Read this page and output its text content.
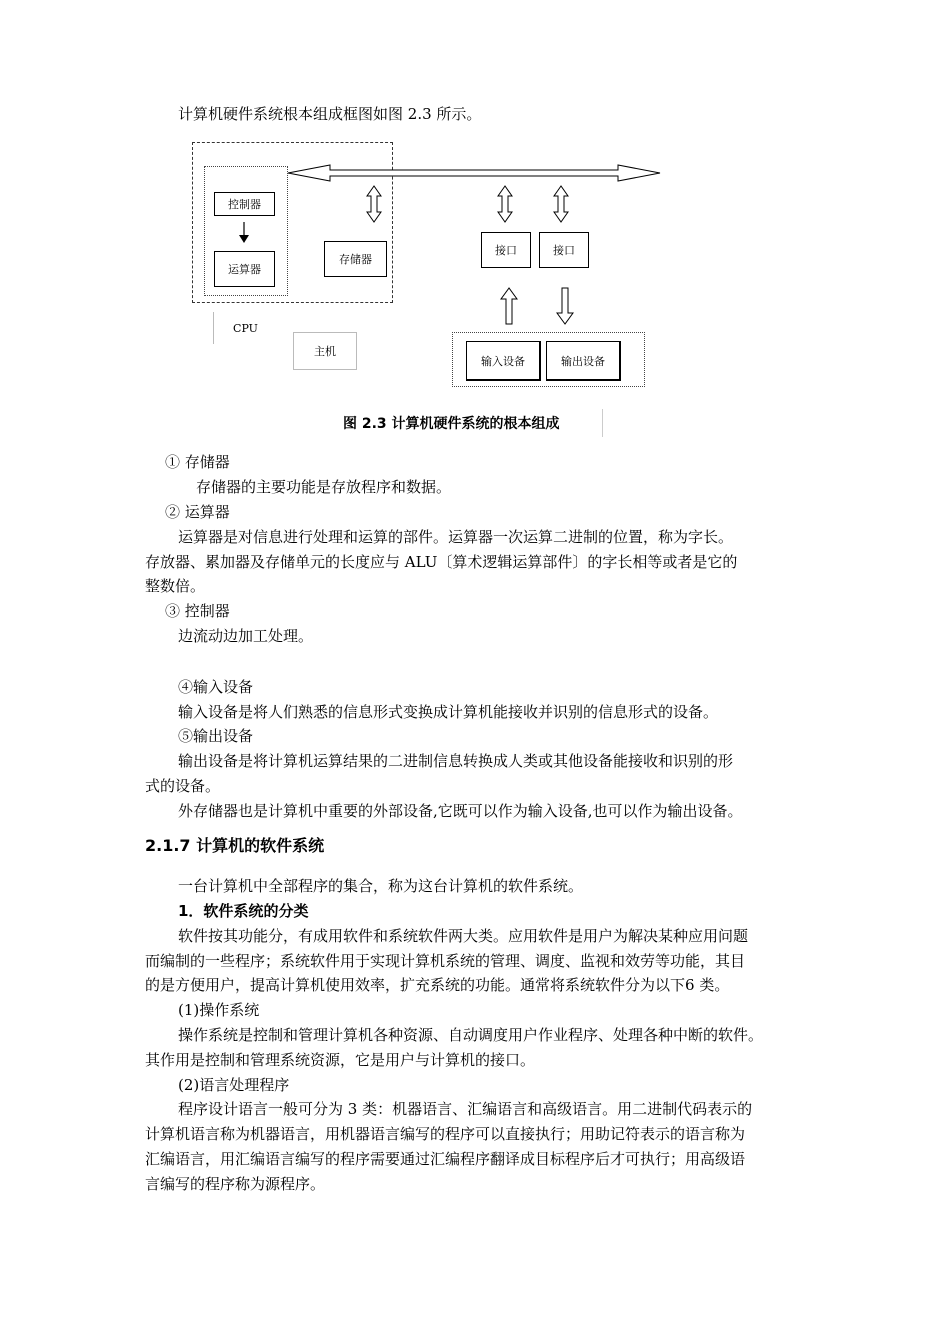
计算机硬件系统根本组成框图如图 2.3 所示。
控制器
运算器
存储器
接口	接口
CPU
主机
输入设备	输出设备
图 2.3 计算机硬件系统的根本组成
① 存储器
存储器的主要功能是存放程序和数据。
② 运算器
运算器是对信息进行处理和运算的部件。运算器一次运算二进制的位置，称为字长。
存放器、累加器及存储单元的长度应与 ALU〔算术逻辑运算部件〕的字长相等或者是它的
整数倍。
③ 控制器
边流动边加工处理。
④输入设备
输入设备是将人们熟悉的信息形式变换成计算机能接收并识别的信息形式的设备。
⑤输出设备
输出设备是将计算机运算结果的二进制信息转换成人类或其他设备能接收和识别的形
式的设备。
外存储器也是计算机中重要的外部设备,它既可以作为输入设备,也可以作为输出设备。
2.1.7 计算机的软件系统
一台计算机中全部程序的集合，称为这台计算机的软件系统。
1．软件系统的分类
软件按其功能分，有成用软件和系统软件两大类。应用软件是用户为解决某种应用问题
而编制的一些程序；系统软件用于实现计算机系统的管理、调度、监视和效劳等功能，其目
的是方便用户，提高计算机使用效率，扩充系统的功能。通常将系统软件分为以下6 类。
(1)操作系统
操作系统是控制和管理计算机各种资源、自动调度用户作业程序、处理各种中断的软件。
其作用是控制和管理系统资源，它是用户与计算机的接口。
(2)语言处理程序
程序设计语言一般可分为 3 类：机器语言、汇编语言和高级语言。用二进制代码表示的
计算机语言称为机器语言，用机器语言编写的程序可以直接执行；用助记符表示的语言称为
汇编语言，用汇编语言编写的程序需要通过汇编程序翻译成目标程序后才可执行；用高级语
言编写的程序称为源程序。
